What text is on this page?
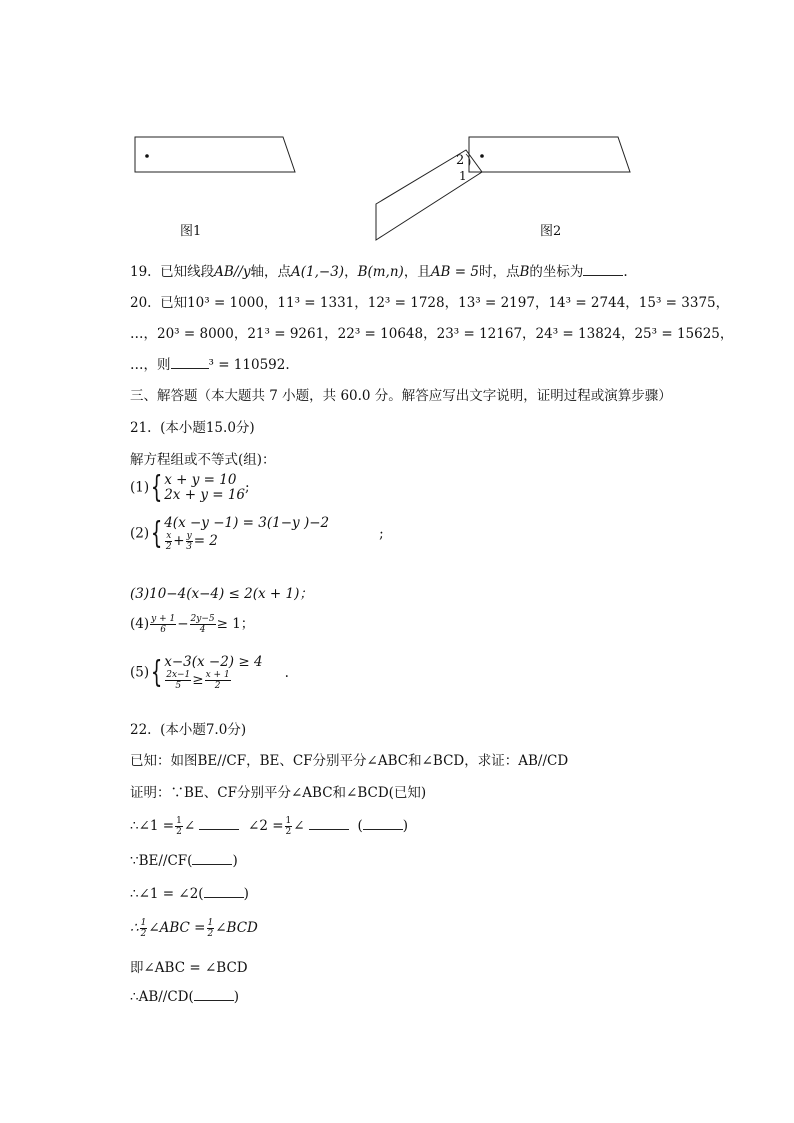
2
1
图1	图2
19. 已知线段AB//y轴，点A(1,−3)，B(m,n)，且AB = 5时，点B的坐标为	.
20. 已知10³ = 1000，11³ = 1331，12³ = 1728，13³ = 2197，14³ = 2744，15³ = 3375，
…，20³ = 8000，21³ = 9261，22³ = 10648，23³ = 12167，24³ = 13824，25³ = 15625，
…，则	³ = 110592.
三、解答题（本大题共 7 小题，共 60.0 分。解答应写出文字说明，证明过程或演算步骤）
21. (本小题15.0分)
解方程组或不等式(组)：
(1){ x + y = 10
2x + y = 16 ;
(2){ 4(x −y −1) = 3(1−y )−2
$\frac{x}{2} + \frac{y}{3} = 2$	;
(3)10−4(x−4) ≤ 2(x + 1)；
$(4) \frac{y + 1}{6} - \frac{2y-5}{4} \ge 1$；
(5){ x−3(x −2) ≥ 4
$\frac{2x-1}{5} \ge \frac{x + 1}{2}$	.
22. (本小题7.0分)
已知：如图BE//CF，BE、CF分别平分∠ABC和∠BCD，求证：AB//CD
证明：∵BE、CF分别平分∠ABC和∠BCD(已知)
∴∠1 = $\frac{1}{2}$ ∠	∠2 = $\frac{1}{2}$ ∠	(	)
∵BE//CF(	)
∴∠1 = ∠2(	)
∴ $\frac{1}{2}$ ∠ABC = $\frac{1}{2}$ ∠BCD
即∠ABC = ∠BCD
∴AB//CD(	)
